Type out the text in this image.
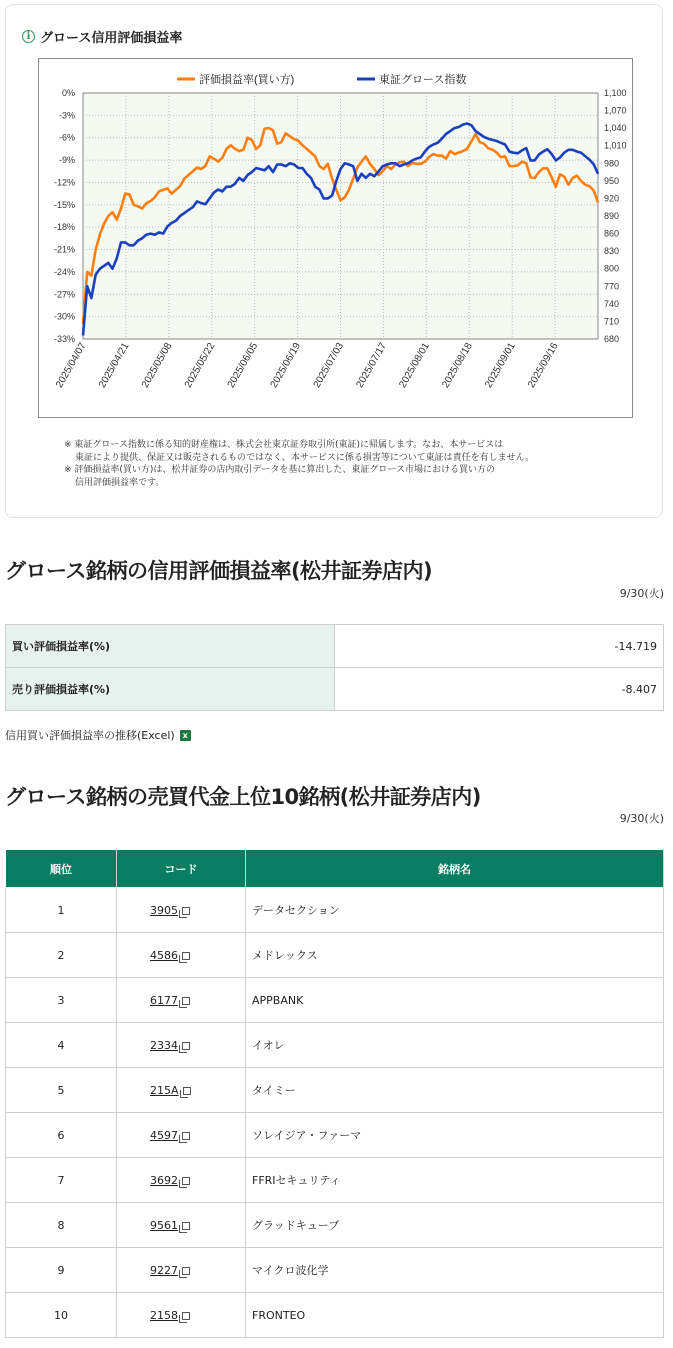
i グロース信用評価損益率
0%
-3%
-6%
-9%
-12%
-15%
-18%
-21%
-24%
-27%
-30%
-33%
1,100
1,070
1,040
1,010
980
950
920
890
860
830
800
770
740
710
680
2025/04/07 2025/04/21 2025/05/08 2025/05/22 2025/06/05 2025/06/19 2025/07/03 2025/07/17 2025/08/01 2025/08/18 2025/09/01 2025/09/16
評価損益率(買い方)	東証グロース指数
※ 東証グロース指数に係る知的財産権は、株式会社東京証券取引所(東証)に帰属します。なお、本サービスは
東証により提供、保証又は販売されるものではなく、本サービスに係る損害等について東証は責任を有しません。
※ 評価損益率(買い方)は、松井証券の店内取引データを基に算出した、東証グロース市場における買い方の
信用評価損益率です。
グロース銘柄の信用評価損益率(松井証券店内)
9/30(火)
買い評価損益率(%)	-14.719
売り評価損益率(%)	-8.407
信用買い評価損益率の推移(Excel) x
グロース銘柄の売買代金上位10銘柄(松井証券店内)
9/30(火)
順位	コード	銘柄名
1	3905	データセクション
2	4586	メドレックス
3	6177	APPBANK
4	2334	イオレ
5	215A	タイミー
6	4597	ソレイジア・ファーマ
7	3692	FFRIセキュリティ
8	9561	グラッドキューブ
9	9227	マイクロ波化学
10	2158	FRONTEO
